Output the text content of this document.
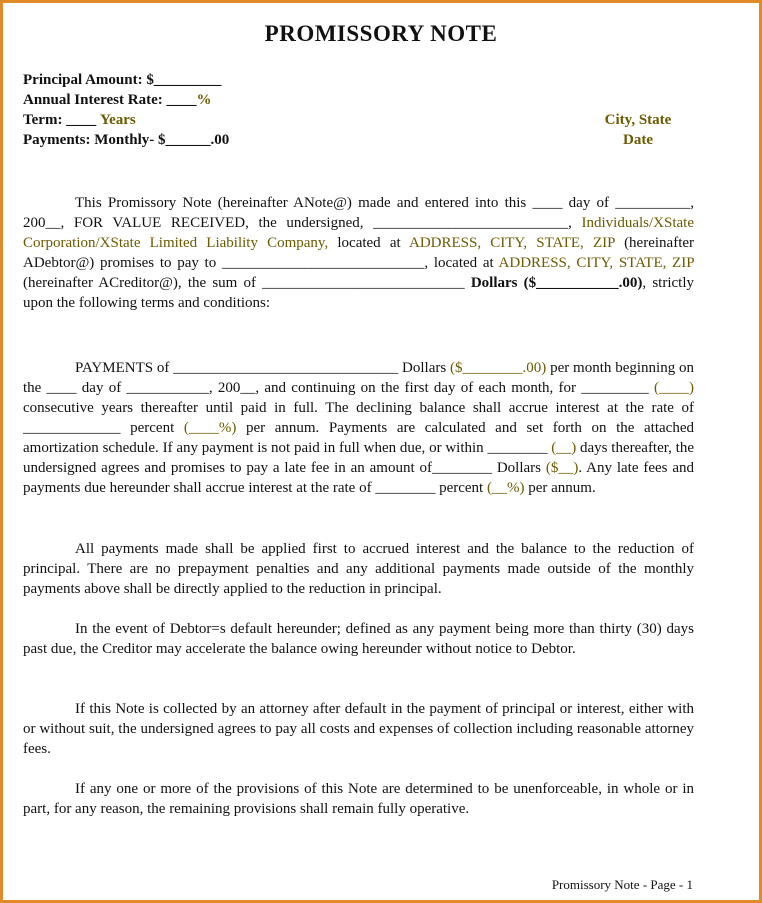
PROMISSORY NOTE
Principal Amount: $_________
Annual Interest Rate: ____%
Term: ____ Years
Payments: Monthly- $______.00
City, State
Date
This Promissory Note (hereinafter ANote@) made and entered into this ____ day of __________, 200__, FOR VALUE RECEIVED, the undersigned, __________________________, Individuals/XState Corporation/XState Limited Liability Company, located at ADDRESS, CITY, STATE, ZIP (hereinafter ADebtor@) promises to pay to ___________________________, located at ADDRESS, CITY, STATE, ZIP (hereinafter ACreditor@), the sum of ___________________________ Dollars ($___________.00), strictly upon the following terms and conditions:
PAYMENTS of ______________________________ Dollars ($________.00) per month beginning on the ____ day of ___________, 200__, and continuing on the first day of each month, for _________ (____) consecutive years thereafter until paid in full. The declining balance shall accrue interest at the rate of _____________ percent (____%) per annum. Payments are calculated and set forth on the attached amortization schedule. If any payment is not paid in full when due, or within ________ (__) days thereafter, the undersigned agrees and promises to pay a late fee in an amount of________ Dollars ($__). Any late fees and payments due hereunder shall accrue interest at the rate of ________ percent (__%) per annum.
All payments made shall be applied first to accrued interest and the balance to the reduction of principal. There are no prepayment penalties and any additional payments made outside of the monthly payments above shall be directly applied to the reduction in principal.
In the event of Debtor=s default hereunder; defined as any payment being more than thirty (30) days past due, the Creditor may accelerate the balance owing hereunder without notice to Debtor.
If this Note is collected by an attorney after default in the payment of principal or interest, either with or without suit, the undersigned agrees to pay all costs and expenses of collection including reasonable attorney fees.
If any one or more of the provisions of this Note are determined to be unenforceable, in whole or in part, for any reason, the remaining provisions shall remain fully operative.
Promissory Note - Page - 1
